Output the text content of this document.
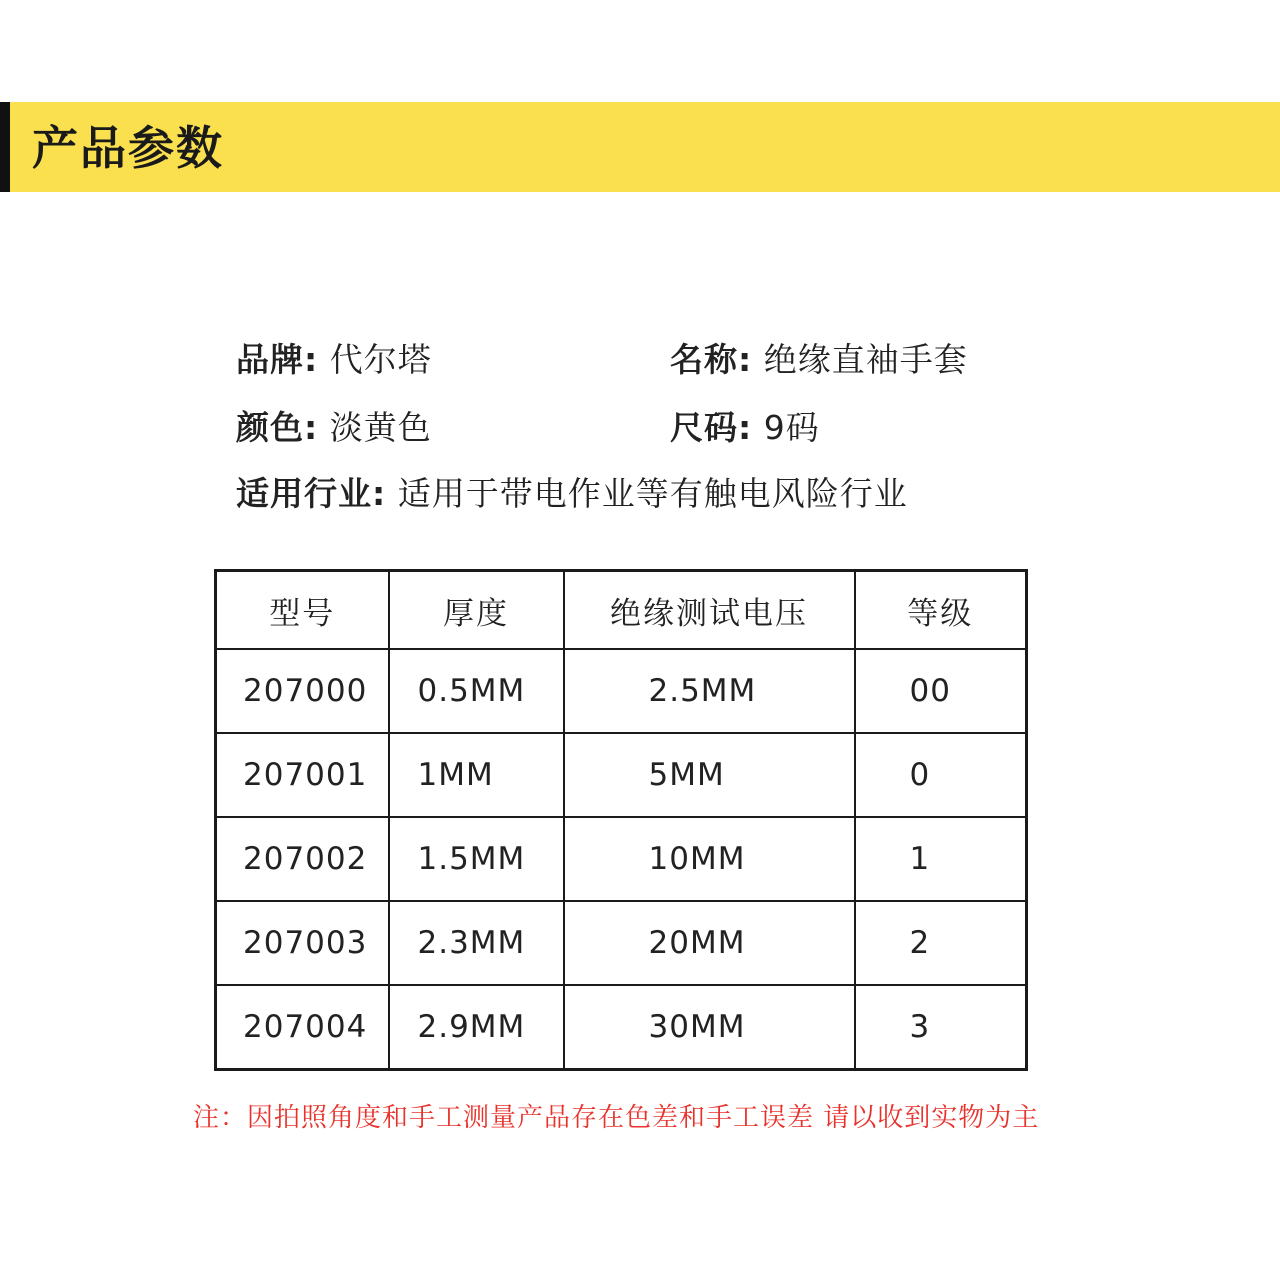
产品参数
品牌: 代尔塔	名称: 绝缘直袖手套
颜色: 淡黄色	尺码: 9码
适用行业: 适用于带电作业等有触电风险行业
型号	厚度	绝缘测试电压	等级
207000	0.5MM	2.5MM	00
207001	1MM	5MM	0
207002	1.5MM	10MM	1
207003	2.3MM	20MM	2
207004	2.9MM	30MM	3
注：因拍照角度和手工测量产品存在色差和手工误差 请以收到实物为主
